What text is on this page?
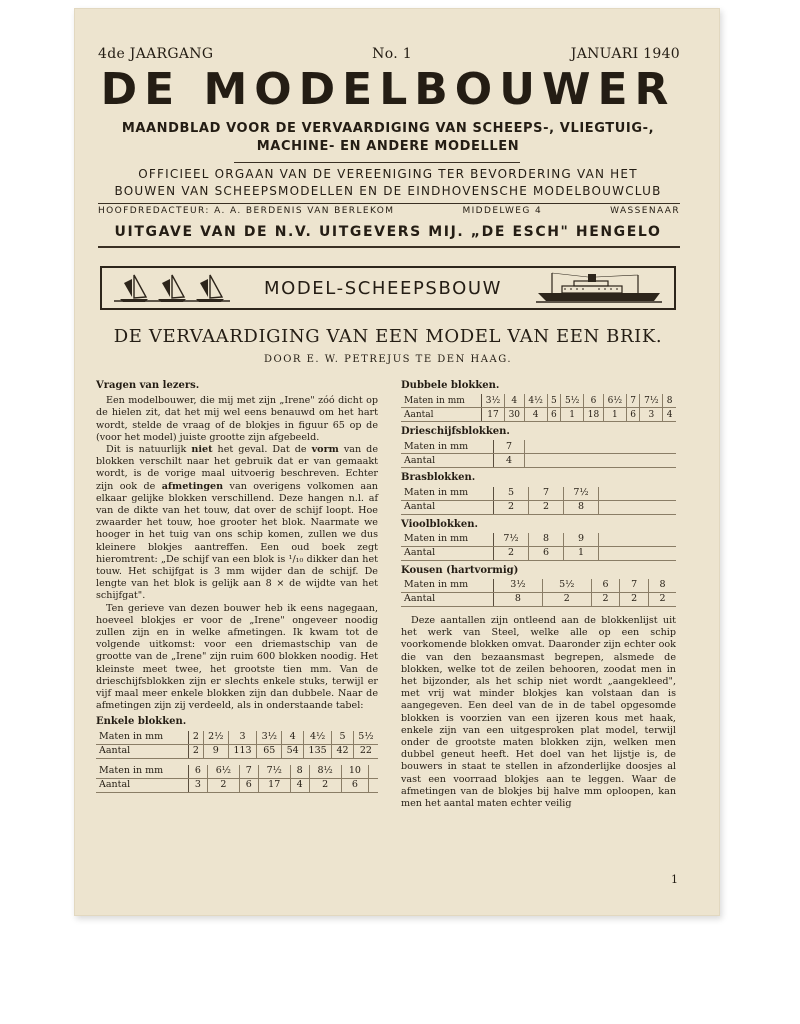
4de JAARGANG	No. 1	JANUARI 1940
DE MODELBOUWER
MAANDBLAD VOOR DE VERVAARDIGING VAN SCHEEPS-, VLIEGTUIG-,
MACHINE- EN ANDERE MODELLEN
OFFICIEEL ORGAAN VAN DE VEREENIGING TER BEVORDERING VAN HET
BOUWEN VAN SCHEEPSMODELLEN EN DE EINDHOVENSCHE MODELBOUWCLUB
HOOFDREDACTEUR: A. A. BERDENIS VAN BERLEKOM	MIDDELWEG 4	WASSENAAR
UITGAVE VAN DE N.V. UITGEVERS MIJ. „DE ESCH" HENGELO
MODEL-SCHEEPSBOUW
DE VERVAARDIGING VAN EEN MODEL VAN EEN BRIK.
DOOR E. W. PETREJUS TE DEN HAAG.
Vragen van lezers.

Een modelbouwer, die mij met zijn „Irene" zóó dicht op de hielen zit, dat het mij wel eens benauwd om het hart wordt, stelde de vraag of de blokjes in figuur 65 op de (voor het model) juiste grootte zijn afgebeeld.

Dit is natuurlijk niet het geval. Dat de vorm van de blokken verschilt naar het gebruik dat er van gemaakt wordt, is de vorige maal uitvoerig beschreven. Echter zijn ook de afmetingen van overigens volkomen aan elkaar gelijke blokken verschillend. Deze hangen n.l. af van de dikte van het touw, dat over de schijf loopt. Hoe zwaarder het touw, hoe grooter het blok. Naarmate we hooger in het tuig van ons schip komen, zullen we dus kleinere blokjes aantreffen. Een oud boek zegt hieromtrent: „De schijf van een blok is ¹/₁₀ dikker dan het touw. Het schijfgat is 3 mm wijder dan de schijf. De lengte van het blok is gelijk aan 8 × de wijdte van het schijfgat".

Ten gerieve van dezen bouwer heb ik eens nagegaan, hoeveel blokjes er voor de „Irene" ongeveer noodig zullen zijn en in welke afmetingen. Ik kwam tot de volgende uitkomst: voor een driemastschip van de grootte van de „Irene" zijn ruim 600 blokken noodig. Het kleinste meet twee, het grootste tien mm. Van de drieschijfsblokken zijn er slechts enkele stuks, terwijl er vijf maal meer enkele blokken zijn dan dubbele. Naar de afmetingen zijn zij verdeeld, als in onderstaande tabel:

Enkele blokken.
Maten in mm	2	2½	3	3½	4	4½	5	5½
Aantal	2	9	113	65	54	135	42	22
Maten in mm	6	6½	7	7½	8	8½	10	
Aantal	3	2	6	17	4	2	6	
Dubbele blokken.
Maten in mm	3½	4	4½	5	5½	6	6½	7	7½	8
Aantal	17	30	4	6	1	18	1	6	3	4
Drieschijfsblokken.
Maten in mm	7	
Aantal	4	
Brasblokken.
Maten in mm	5	7	7½	
Aantal	2	2	8	
Vioolblokken.
Maten in mm	7½	8	9	
Aantal	2	6	1	
Kousen (hartvormig)
Maten in mm	3½	5½	6	7	8
Aantal	8	2	2	2	2

Deze aantallen zijn ontleend aan de blokkenlijst uit het werk van Steel, welke alle op een schip voorkomende blokken omvat. Daaronder zijn echter ook die van den bezaansmast begrepen, alsmede de blokken, welke tot de zeilen behooren, zoodat men in het bijzonder, als het schip niet wordt „aangekleed", met vrij wat minder blokjes kan volstaan dan is aangegeven. Een deel van de in de tabel opgesomde blokken is voorzien van een ijzeren kous met haak, enkele zijn van een uitgesproken plat model, terwijl onder de grootste maten blokken zijn, welken men dubbel geneut heeft. Het doel van het lijstje is, de bouwers in staat te stellen in afzonderlijke doosjes al vast een voorraad blokjes aan te leggen. Waar de afmetingen van de blokjes bij halve mm oploopen, kan men het aantal maten echter veilig

1
